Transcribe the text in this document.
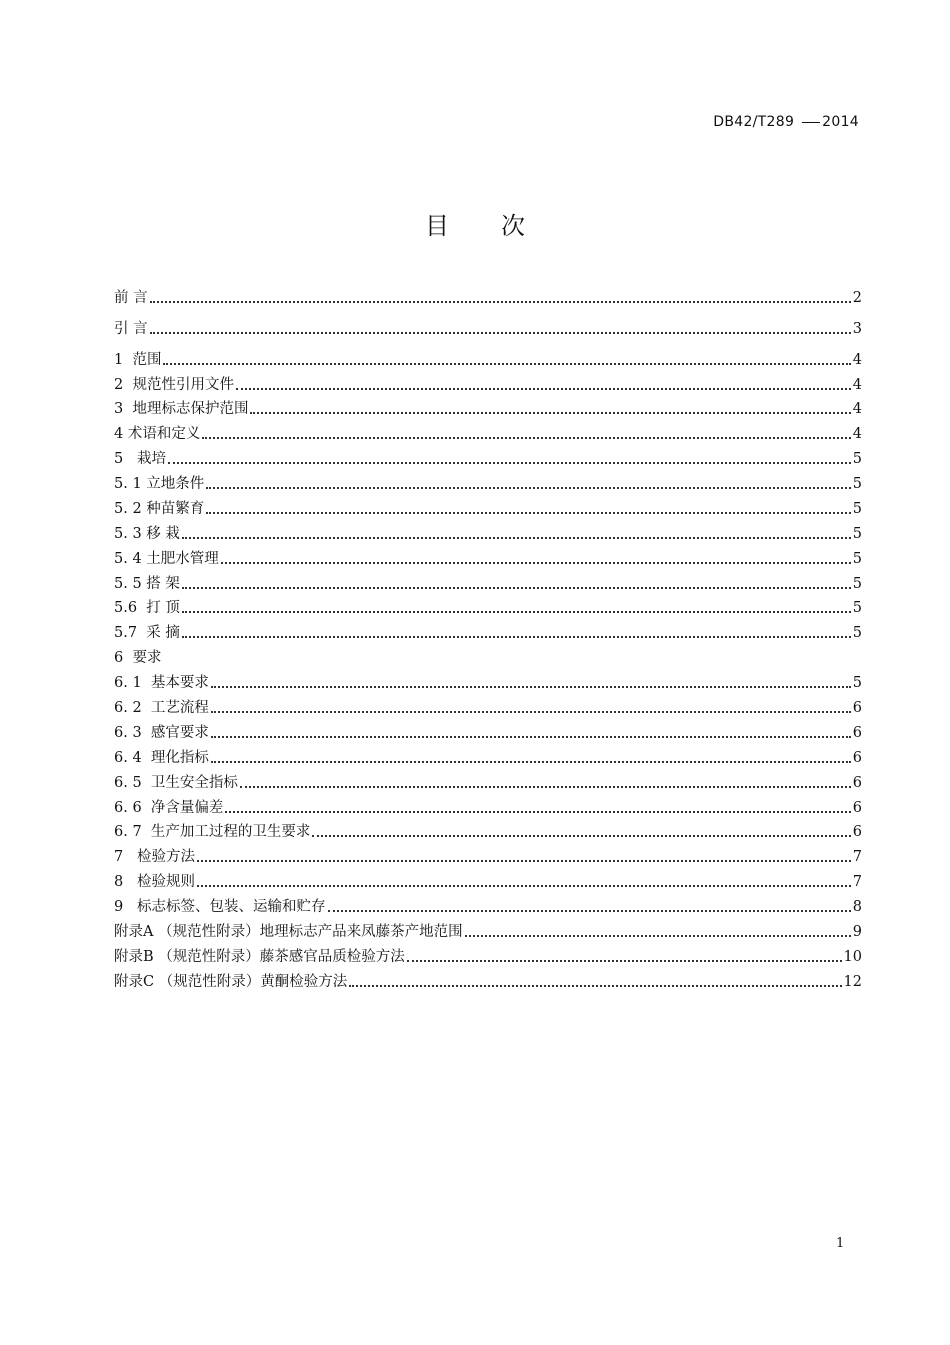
DB42/T289 2014
目 次
前 言	2
引 言	3
1  范围	4
2  规范性引用文件	4
3  地理标志保护范围	4
4 术语和定义	4
5   栽培	5
5. 1 立地条件	5
5. 2 种苗繁育	5
5. 3 移 栽	5
5. 4 土肥水管理	5
5. 5 搭 架	5
5.6  打 顶	5
5.7  采 摘	5
6  要求
6. 1  基本要求	5
6. 2  工艺流程	6
6. 3  感官要求	6
6. 4  理化指标	6
6. 5  卫生安全指标	6
6. 6  净含量偏差	6
6. 7  生产加工过程的卫生要求	6
7   检验方法	7
8   检验规则	7
9   标志标签、包装、运输和贮存	8
附录A （规范性附录）地理标志产品来凤藤茶产地范围	9
附录B （规范性附录）藤茶感官品质检验方法	10
附录C （规范性附录）黄酮检验方法	12
1
